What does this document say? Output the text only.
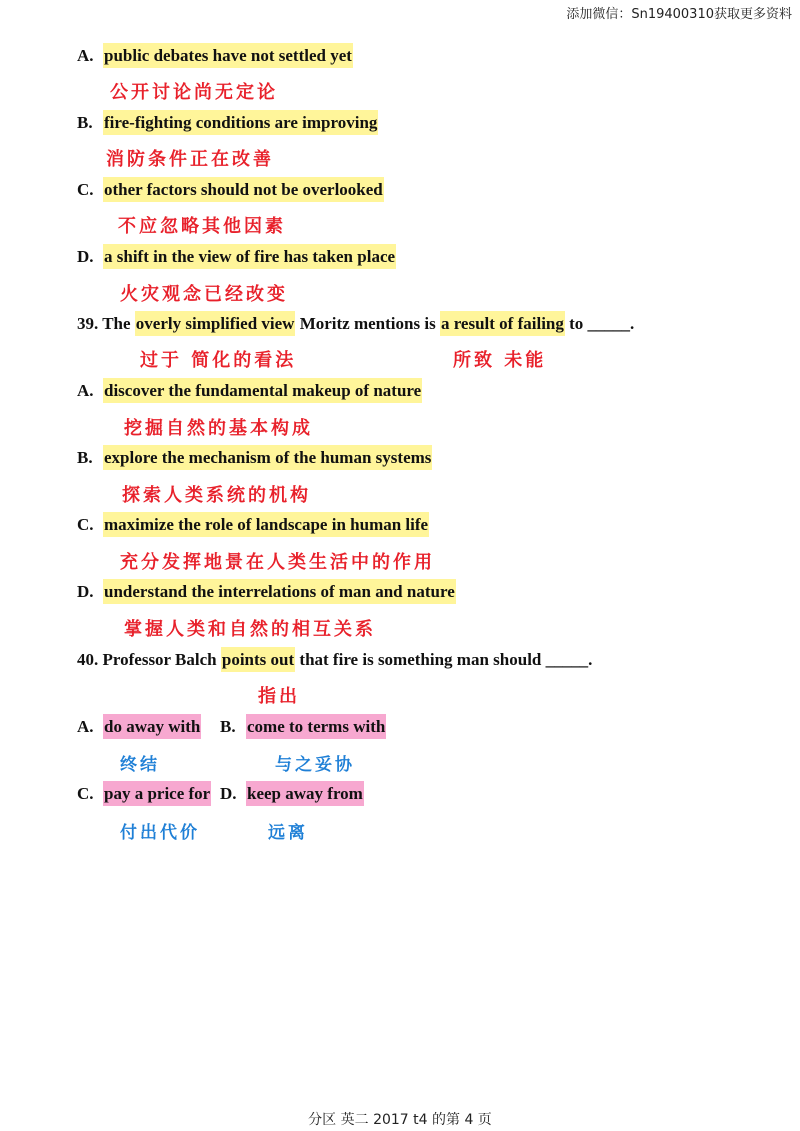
添加微信：Sn19400310获取更多资料
A. public debates have not settled yet
公开讨论尚无定论
B. fire-fighting conditions are improving
消防条件正在改善
C. other factors should not be overlooked
不应忽略其他因素
D. a shift in the view of fire has taken place
火灾观念已经改变
39. The overly simplified view Moritz mentions is a result of failing to _____.
过于 简化的看法	所致 未能
A. discover the fundamental makeup of nature
挖掘自然的基本构成
B. explore the mechanism of the human systems
探索人类系统的机构
C. maximize the role of landscape in human life
充分发挥地景在人类生活中的作用
D. understand the interrelations of man and nature
掌握人类和自然的相互关系
40. Professor Balch points out that fire is something man should _____.
指出
A. do away with B. come to terms with
终结	与之妥协
C. pay a price for D. keep away from
付出代价	远离
分区 英二 2017 t4 的第 4 页
